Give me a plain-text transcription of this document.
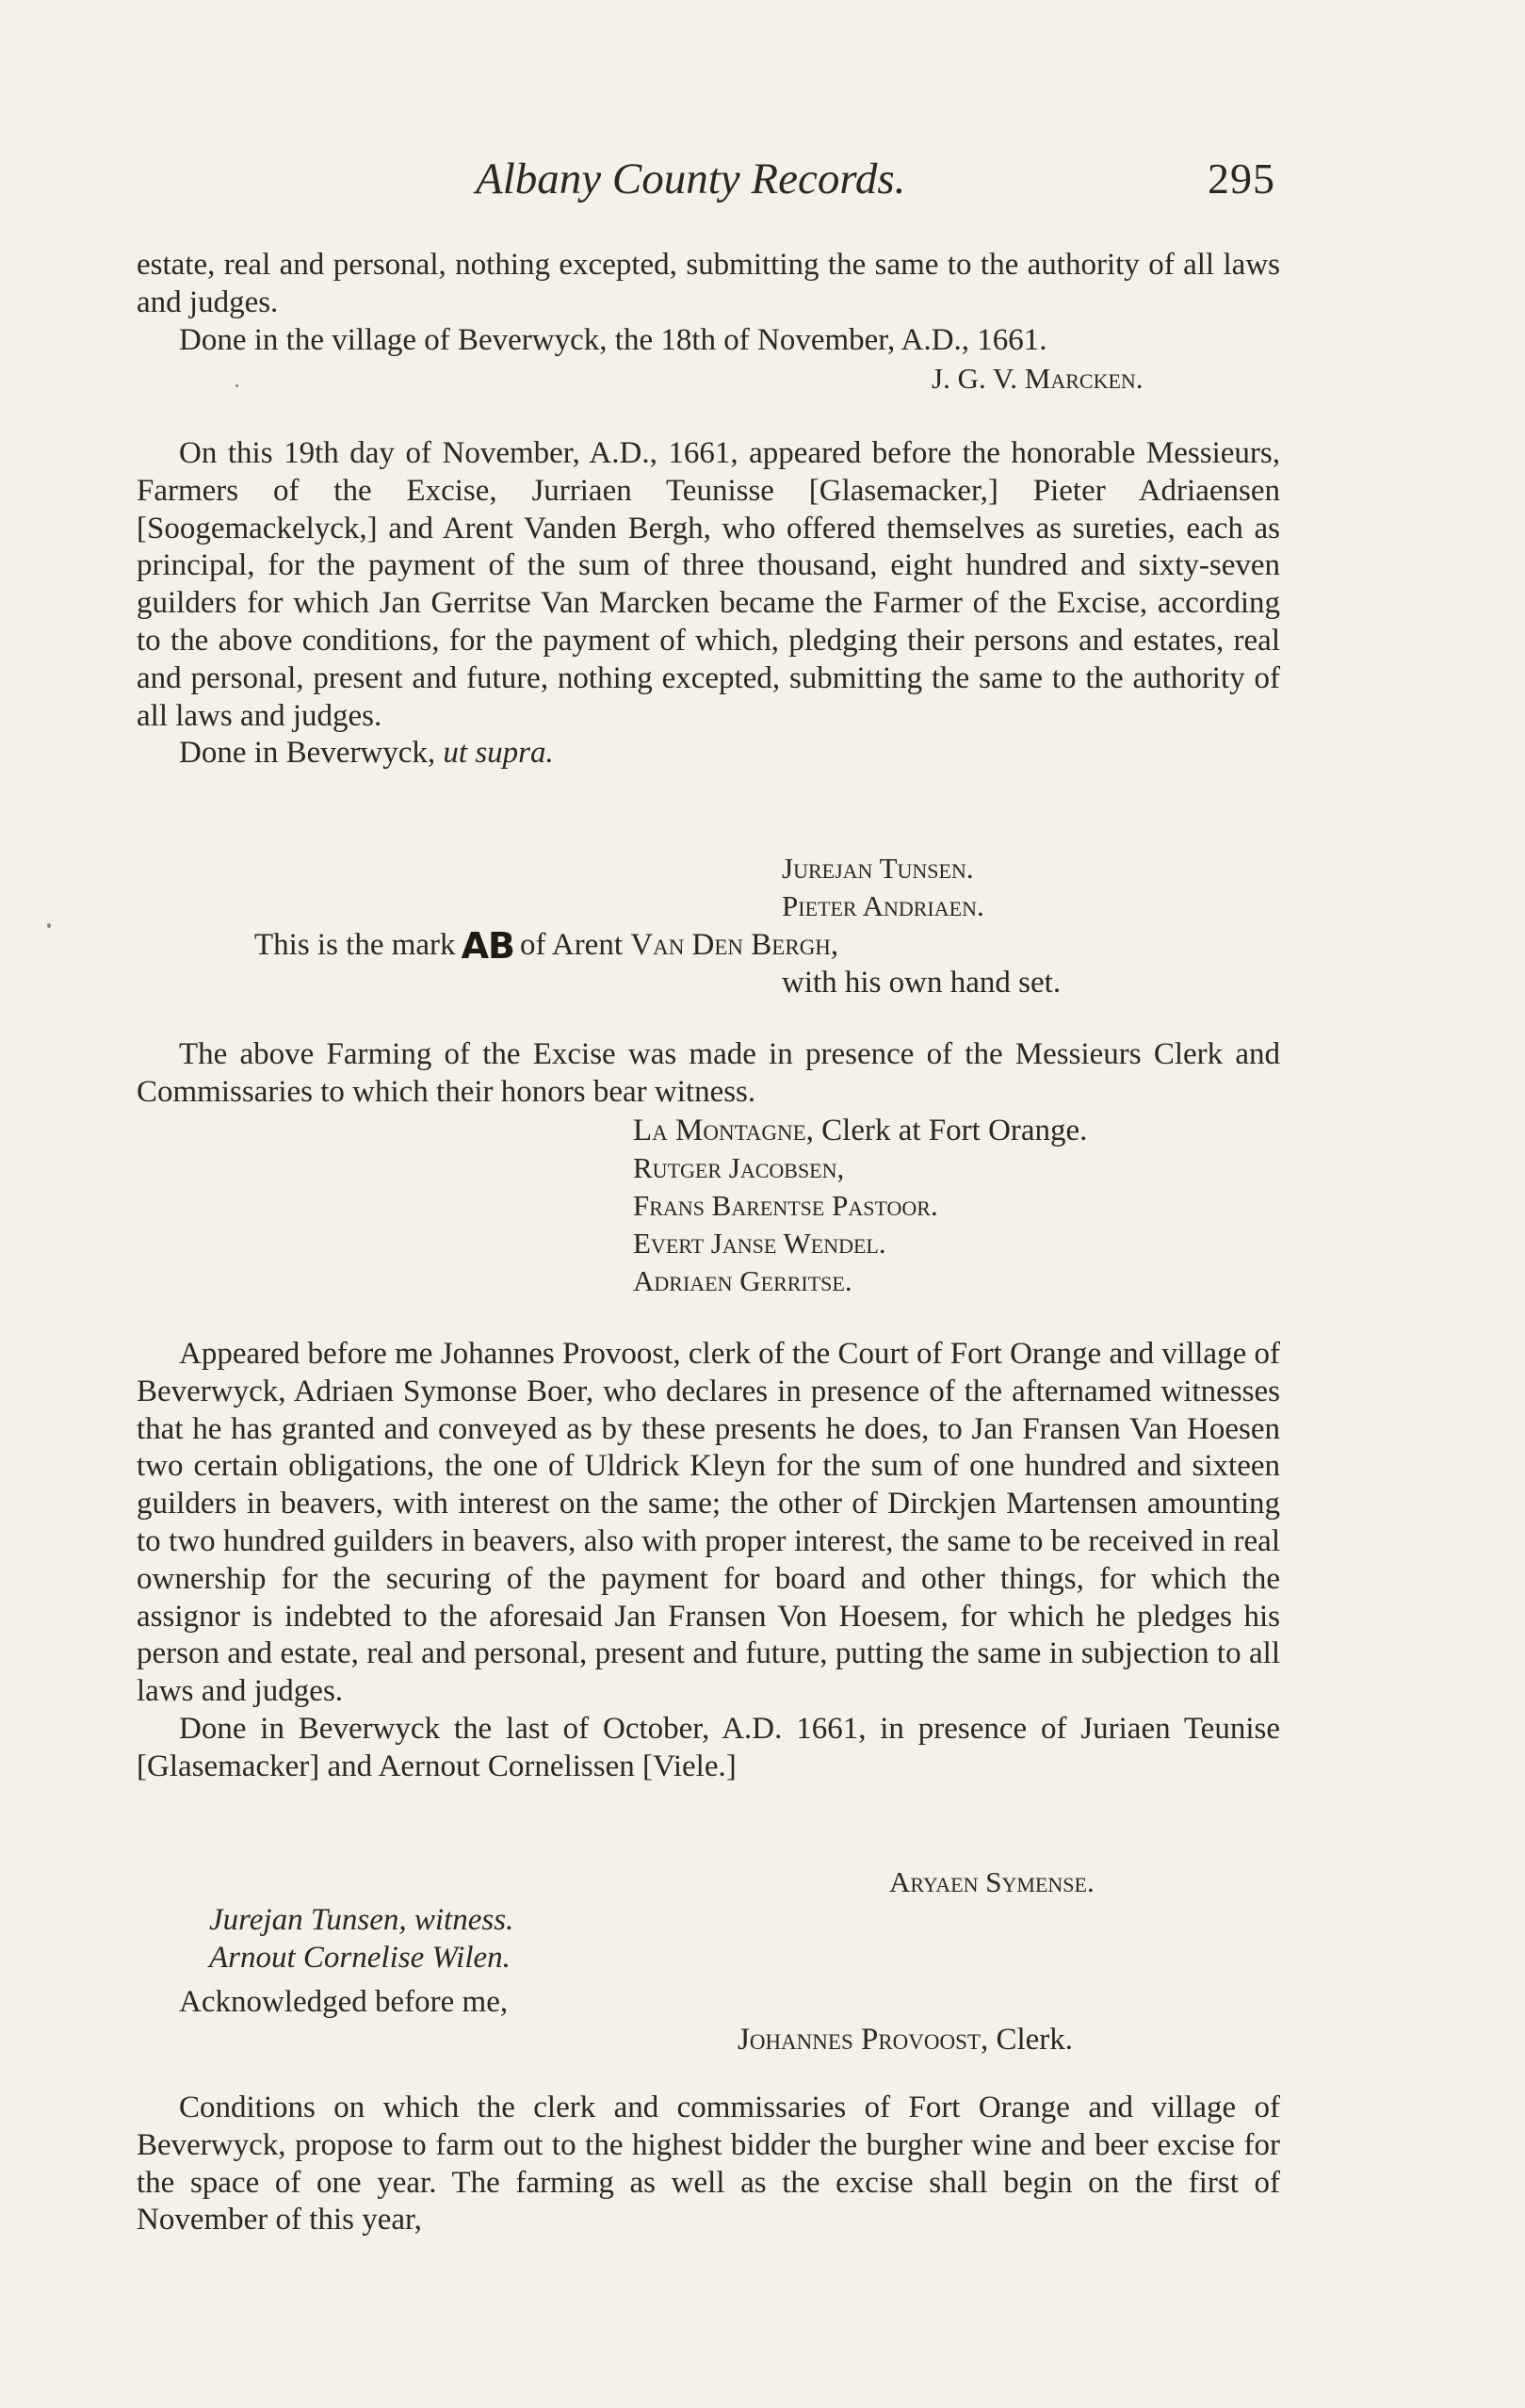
Albany County Records.	295

estate, real and personal, nothing excepted, submitting the same to the authority of all laws and judges.

Done in the village of Beverwyck, the 18th of November, A.D., 1661.

J. G. V. Marcken.

On this 19th day of November, A.D., 1661, appeared before the honorable Messieurs, Farmers of the Excise, Jurriaen Teunisse [Glasemacker,] Pieter Adriaensen [Soogemackelyck,] and Arent Vanden Bergh, who offered themselves as sureties, each as principal, for the payment of the sum of three thousand, eight hundred and sixty-seven guilders for which Jan Gerritse Van Marcken became the Farmer of the Excise, according to the above conditions, for the payment of which, pledging their persons and estates, real and personal, present and future, nothing excepted, submitting the same to the authority of all laws and judges.

Done in Beverwyck, ut supra.

Jurejan Tunsen.
Pieter Andriaen.
This is the mark AB of Arent Van Den Bergh,
with his own hand set.

The above Farming of the Excise was made in presence of the Messieurs Clerk and Commissaries to which their honors bear witness.

La Montagne, Clerk at Fort Orange.
Rutger Jacobsen,
Frans Barentse Pastoor.
Evert Janse Wendel.
Adriaen Gerritse.

Appeared before me Johannes Provoost, clerk of the Court of Fort Orange and village of Beverwyck, Adriaen Symonse Boer, who declares in presence of the afternamed witnesses that he has granted and conveyed as by these presents he does, to Jan Fransen Van Hoesen two certain obligations, the one of Uldrick Kleyn for the sum of one hundred and sixteen guilders in beavers, with interest on the same; the other of Dirckjen Martensen amounting to two hundred guilders in beavers, also with proper interest, the same to be received in real ownership for the securing of the payment for board and other things, for which the assignor is indebted to the aforesaid Jan Fransen Von Hoesem, for which he pledges his person and estate, real and personal, present and future, putting the same in subjection to all laws and judges.

Done in Beverwyck the last of October, A.D. 1661, in presence of Juriaen Teunise [Glasemacker] and Aernout Cornelissen [Viele.]

Aryaen Symense.
Jurejan Tunsen, witness.
Arnout Cornelise Wilen.
Acknowledged before me,
Johannes Provoost, Clerk.

Conditions on which the clerk and commissaries of Fort Orange and village of Beverwyck, propose to farm out to the highest bidder the burgher wine and beer excise for the space of one year. The farming as well as the excise shall begin on the first of November of this year,
